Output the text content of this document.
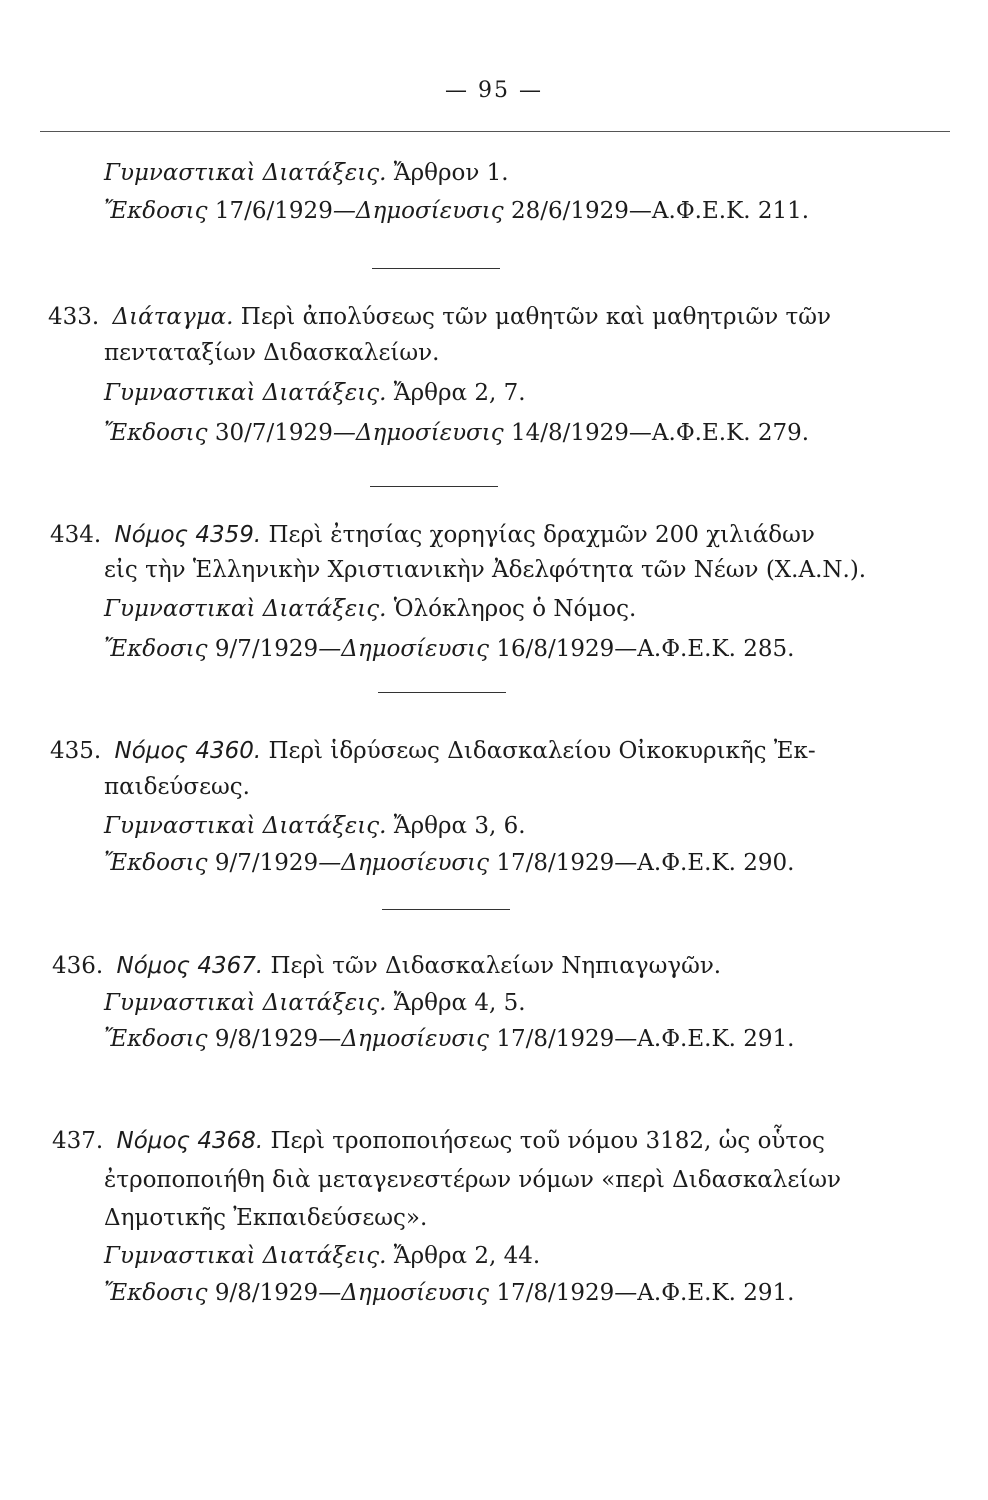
— 95 —
Γυμναστικαὶ Διατάξεις. Ἄρθρον 1.
Ἔκδοσις 17/6/1929—Δημοσίευσις 28/6/1929—Α.Φ.Ε.Κ. 211.
433. Διάταγμα. Περὶ ἀπολύσεως τῶν μαθητῶν καὶ μαθητριῶν τῶν
πενταταξίων Διδασκαλείων.
Γυμναστικαὶ Διατάξεις. Ἄρθρα 2, 7.
Ἔκδοσις 30/7/1929—Δημοσίευσις 14/8/1929—Α.Φ.Ε.Κ. 279.
434. Νόμος 4359. Περὶ ἐτησίας χορηγίας δραχμῶν 200 χιλιάδων
εἰς τὴν Ἑλληνικὴν Χριστιανικὴν Ἀδελφότητα τῶν Νέων (Χ.Α.Ν.).
Γυμναστικαὶ Διατάξεις. Ὁλόκληρος ὁ Νόμος.
Ἔκδοσις 9/7/1929—Δημοσίευσις 16/8/1929—Α.Φ.Ε.Κ. 285.
435. Νόμος 4360. Περὶ ἱδρύσεως Διδασκαλείου Οἰκοκυρικῆς Ἐκ-
παιδεύσεως.
Γυμναστικαὶ Διατάξεις. Ἄρθρα 3, 6.
Ἔκδοσις 9/7/1929—Δημοσίευσις 17/8/1929—Α.Φ.Ε.Κ. 290.
436. Νόμος 4367. Περὶ τῶν Διδασκαλείων Νηπιαγωγῶν.
Γυμναστικαὶ Διατάξεις. Ἄρθρα 4, 5.
Ἔκδοσις 9/8/1929—Δημοσίευσις 17/8/1929—Α.Φ.Ε.Κ. 291.
437. Νόμος 4368. Περὶ τροποποιήσεως τοῦ νόμου 3182, ὡς οὗτος
ἐτροποποιήθη διὰ μεταγενεστέρων νόμων «περὶ Διδασκαλείων
Δημοτικῆς Ἐκπαιδεύσεως».
Γυμναστικαὶ Διατάξεις. Ἄρθρα 2, 44.
Ἔκδοσις 9/8/1929—Δημοσίευσις 17/8/1929—Α.Φ.Ε.Κ. 291.
